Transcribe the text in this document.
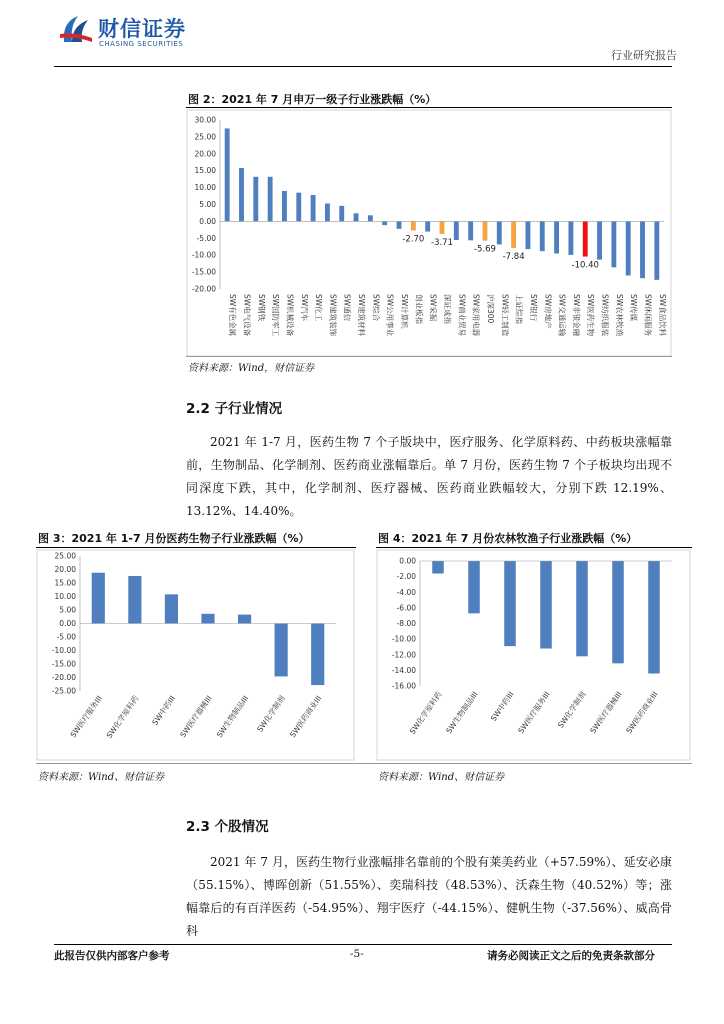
财信证券
CHASING SECURITIES
行业研究报告
图 2：2021 年 7 月申万一级子行业涨跌幅（%）
30.00
25.00
20.00
15.00
10.00
5.00
0.00
-5.00
-10.00
-15.00
-20.00
SW有色金属 SW电气设备 SW钢铁 SW国防军工 SW机械设备 SW汽车 SW化工 SW建筑装饰 SW通信 SW建筑材料 SW综合 SW公用事业 SW计算机 创业板指 SW采掘 深证成指 SW商业贸易 SW家用电器 沪深300 SW轻工制造 上证综指 SW银行 SW房地产 SW交通运输 SW非银金融 SW医药生物 SW纺织服装 SW农林牧渔 SW传媒 SW休闲服务 SW食品饮料
-2.70 -3.71
-5.69
-7.84
-10.40
资料来源：Wind，财信证券
2.2 子行业情况

2021 年 1-7 月，医药生物 7 个子版块中，医疗服务、化学原料药、中药板块涨幅靠前，生物制品、化学制剂、医药商业涨幅靠后。单 7 月份，医药生物 7 个子板块均出现不同深度下跌，其中，化学制剂、医疗器械、医药商业跌幅较大，分别下跌 12.19%、13.12%、14.40%。

图 3：2021 年 1-7 月份医药生物子行业涨跌幅（%）
25.00
20.00
15.00
10.00
5.00
0.00
-5.00
-10.00
-15.00
-20.00
-25.00
SW医疗服务III SW化学原料药 SW中药III SW医疗器械III SW生物制品III SW化学制剂 SW医药商业III
图 4：2021 年 7 月份农林牧渔子行业涨跌幅（%）
0.00
-2.00
-4.00
-6.00
-8.00
-10.00
-12.00
-14.00
-16.00
SW化学原料药 SW生物制品III SW中药III SW医疗服务III SW化学制剂 SW医疗器械III SW医药商业III
资料来源：Wind、财信证券	资料来源：Wind、财信证券
2.3 个股情况

2021 年 7 月，医药生物行业涨幅排名靠前的个股有莱美药业（+57.59%）、延安必康（55.15%）、博晖创新（51.55%）、奕瑞科技（48.53%）、沃森生物（40.52%）等；涨幅靠后的有百洋医药（-54.95%）、翔宇医疗（-44.15%）、健帆生物（-37.56%）、威高骨科

此报告仅供内部客户参考	-5-	请务必阅读正文之后的免责条款部分
